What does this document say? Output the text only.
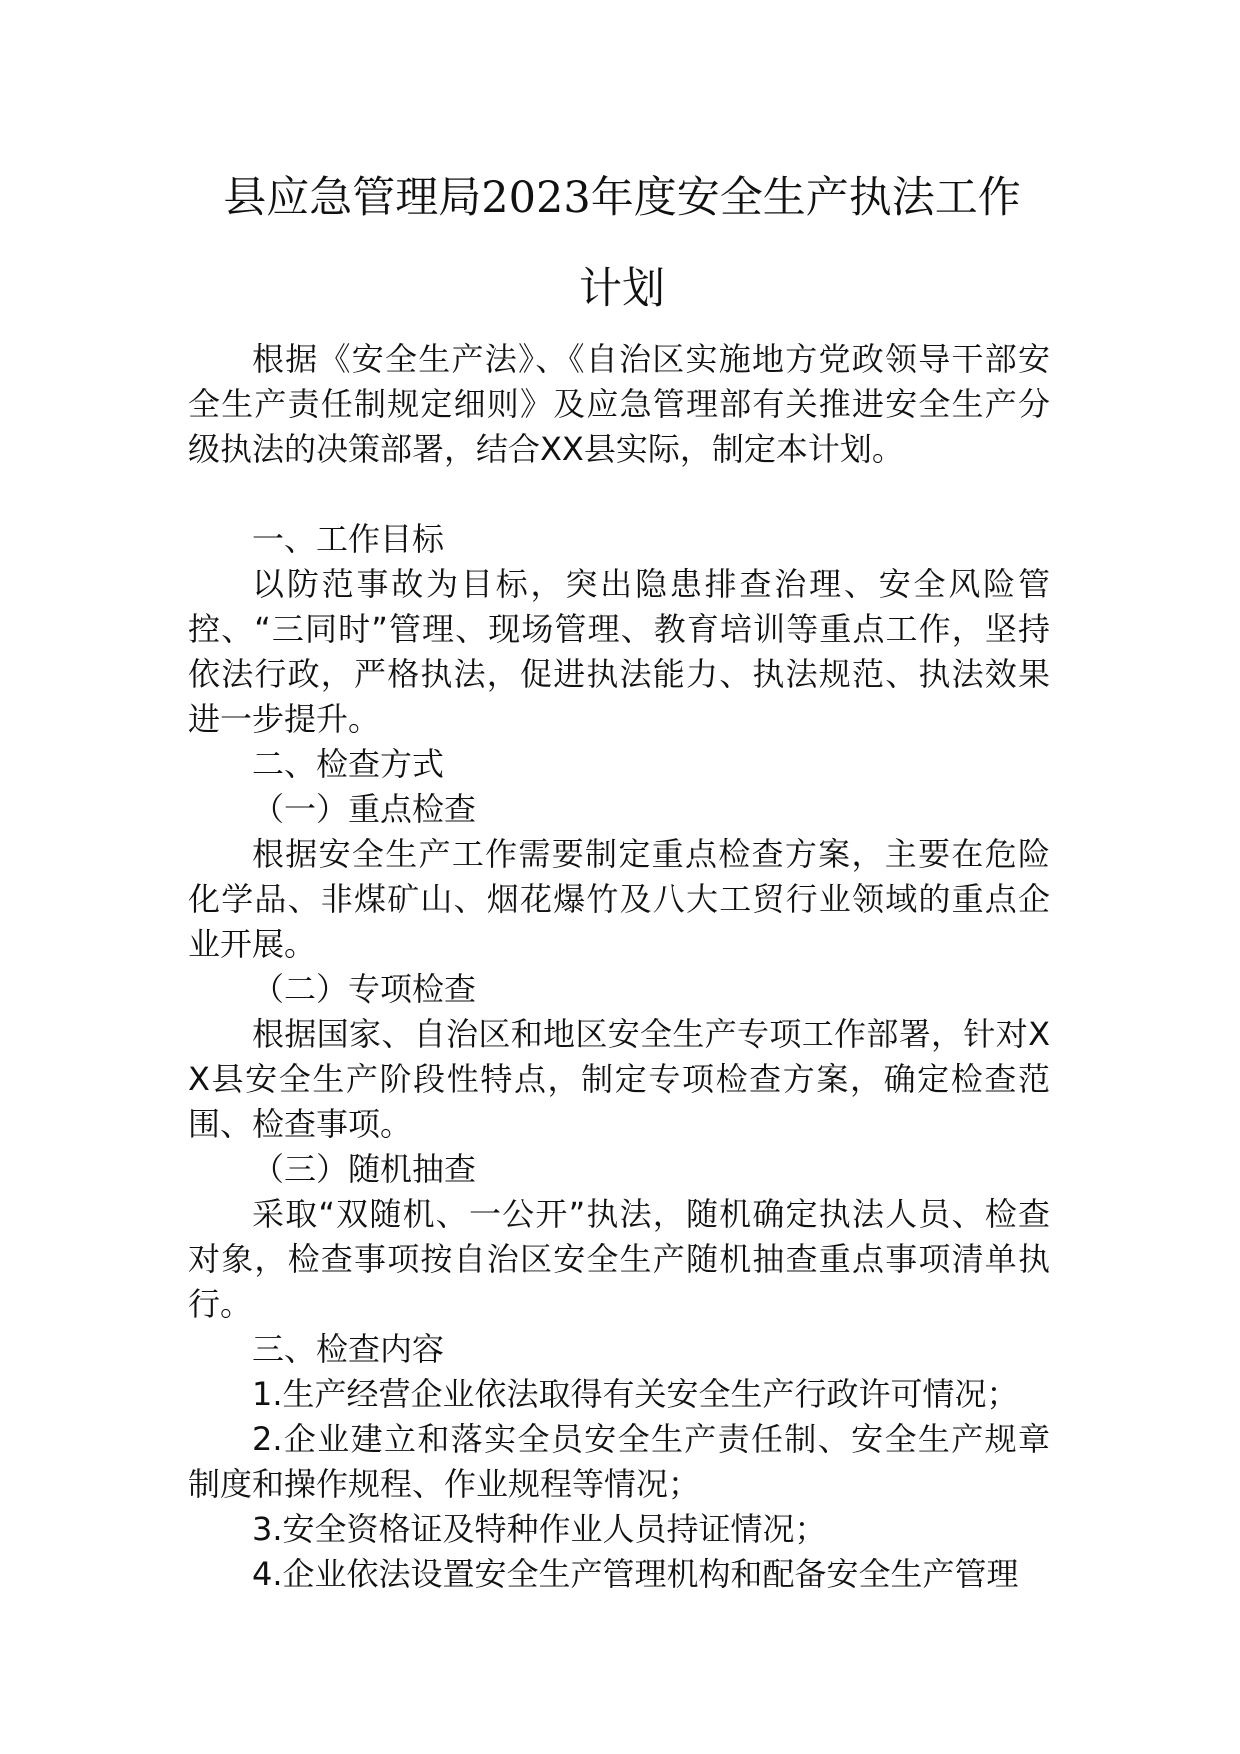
县应急管理局2023年度安全生产执法工作
计划

根据《安全生产法》、《自治区实施地方党政领导干部安全生产责任制规定细则》及应急管理部有关推进安全生产分级执法的决策部署，结合XX县实际，制定本计划。

一、工作目标

以防范事故为目标，突出隐患排查治理、安全风险管控、“三同时”管理、现场管理、教育培训等重点工作，坚持依法行政，严格执法，促进执法能力、执法规范、执法效果进一步提升。

二、检查方式

（一）重点检查

根据安全生产工作需要制定重点检查方案，主要在危险化学品、非煤矿山、烟花爆竹及八大工贸行业领域的重点企业开展。

（二）专项检查

根据国家、自治区和地区安全生产专项工作部署，针对XX县安全生产阶段性特点，制定专项检查方案，确定检查范围、检查事项。

（三）随机抽查

采取“双随机、一公开”执法，随机确定执法人员、检查对象，检查事项按自治区安全生产随机抽查重点事项清单执行。

三、检查内容

1.生产经营企业依法取得有关安全生产行政许可情况；

2.企业建立和落实全员安全生产责任制、安全生产规章制度和操作规程、作业规程等情况；

3.安全资格证及特种作业人员持证情况；

4.企业依法设置安全生产管理机构和配备安全生产管理
